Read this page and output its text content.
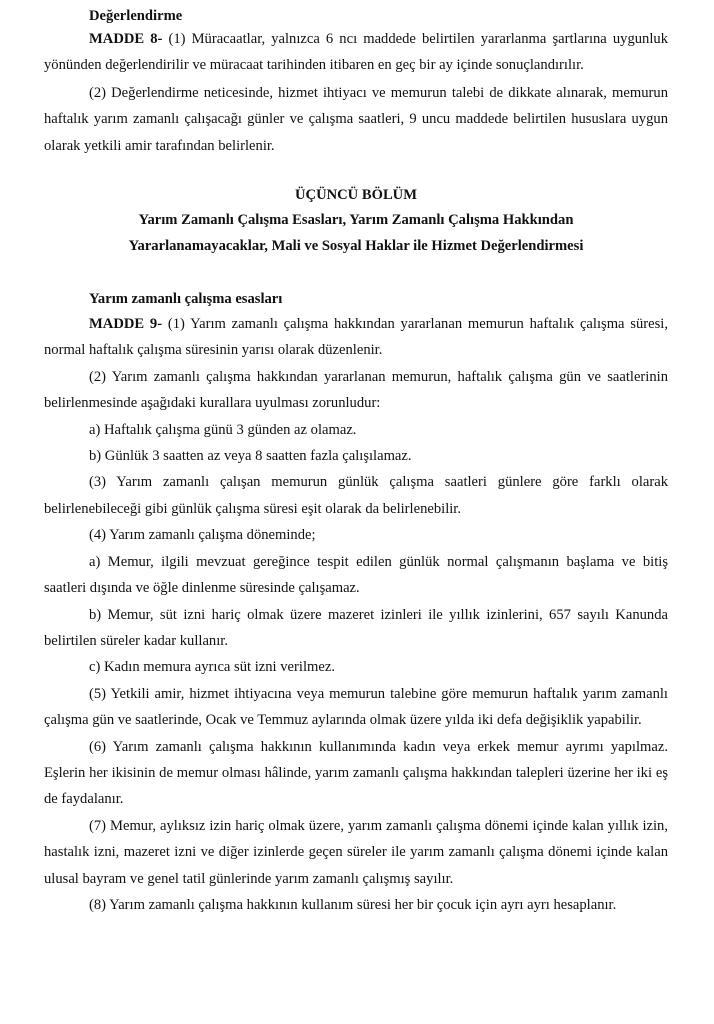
Değerlendirme

MADDE 8- (1) Müracaatlar, yalnızca 6 ncı maddede belirtilen yararlanma şartlarına uygunluk yönünden değerlendirilir ve müracaat tarihinden itibaren en geç bir ay içinde sonuçlandırılır.

(2) Değerlendirme neticesinde, hizmet ihtiyacı ve memurun talebi de dikkate alınarak, memurun haftalık yarım zamanlı çalışacağı günler ve çalışma saatleri, 9 uncu maddede belirtilen hususlara uygun olarak yetkili amir tarafından belirlenir.

ÜÇÜNCÜ BÖLÜM

Yarım Zamanlı Çalışma Esasları, Yarım Zamanlı Çalışma Hakkından

Yararlanamayacaklar, Mali ve Sosyal Haklar ile Hizmet Değerlendirmesi

Yarım zamanlı çalışma esasları

MADDE 9- (1) Yarım zamanlı çalışma hakkından yararlanan memurun haftalık çalışma süresi, normal haftalık çalışma süresinin yarısı olarak düzenlenir.

(2) Yarım zamanlı çalışma hakkından yararlanan memurun, haftalık çalışma gün ve saatlerinin belirlenmesinde aşağıdaki kurallara uyulması zorunludur:

a) Haftalık çalışma günü 3 günden az olamaz.

b) Günlük 3 saatten az veya 8 saatten fazla çalışılamaz.

(3) Yarım zamanlı çalışan memurun günlük çalışma saatleri günlere göre farklı olarak belirlenebileceği gibi günlük çalışma süresi eşit olarak da belirlenebilir.

(4) Yarım zamanlı çalışma döneminde;

a) Memur, ilgili mevzuat gereğince tespit edilen günlük normal çalışmanın başlama ve bitiş saatleri dışında ve öğle dinlenme süresinde çalışamaz.

b) Memur, süt izni hariç olmak üzere mazeret izinleri ile yıllık izinlerini, 657 sayılı Kanunda belirtilen süreler kadar kullanır.

c) Kadın memura ayrıca süt izni verilmez.

(5) Yetkili amir, hizmet ihtiyacına veya memurun talebine göre memurun haftalık yarım zamanlı çalışma gün ve saatlerinde, Ocak ve Temmuz aylarında olmak üzere yılda iki defa değişiklik yapabilir.

(6) Yarım zamanlı çalışma hakkının kullanımında kadın veya erkek memur ayrımı yapılmaz. Eşlerin her ikisinin de memur olması hâlinde, yarım zamanlı çalışma hakkından talepleri üzerine her iki eş de faydalanır.

(7) Memur, aylıksız izin hariç olmak üzere, yarım zamanlı çalışma dönemi içinde kalan yıllık izin, hastalık izni, mazeret izni ve diğer izinlerde geçen süreler ile yarım zamanlı çalışma dönemi içinde kalan ulusal bayram ve genel tatil günlerinde yarım zamanlı çalışmış sayılır.

(8) Yarım zamanlı çalışma hakkının kullanım süresi her bir çocuk için ayrı ayrı hesaplanır.
